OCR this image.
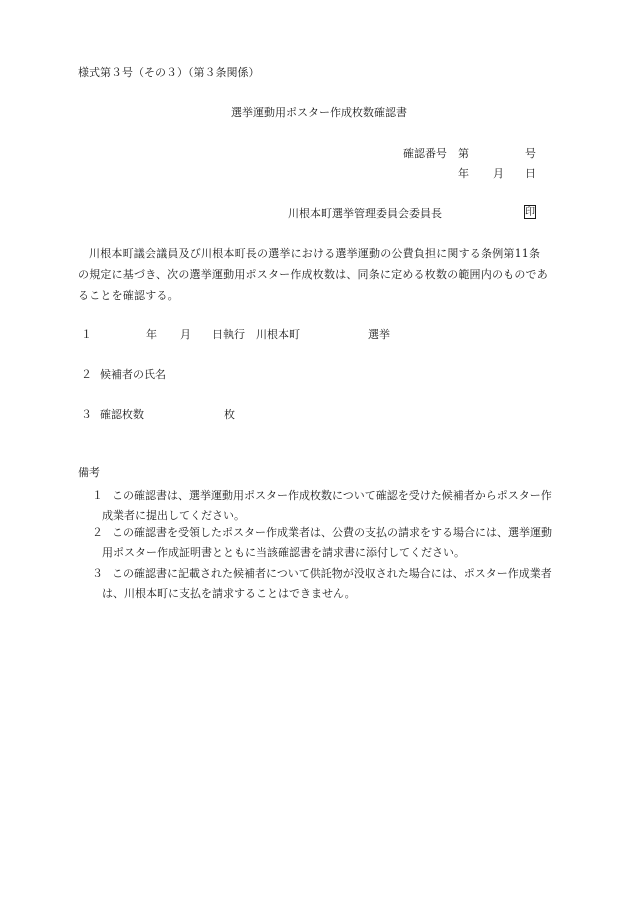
様式第３号（その３）（第３条関係）
選挙運動用ポスター作成枚数確認書
確認番号 第	号
年 月 日
川根本町選挙管理委員会委員長	印
川根本町議会議員及び川根本町長の選挙における選挙運動の公費負担に関する条例第11条の規定に基づき、次の選挙運動用ポスター作成枚数は、同条に定める枚数の範囲内のものであることを確認する。
１	年 月 日執行 川根本町	選挙
２ 候補者の氏名
３ 確認枚数	枚
備考
１ この確認書は、選挙運動用ポスター作成枚数について確認を受けた候補者からポスター作成業者に提出してください。
２ この確認書を受領したポスター作成業者は、公費の支払の請求をする場合には、選挙運動用ポスター作成証明書とともに当該確認書を請求書に添付してください。
３ この確認書に記載された候補者について供託物が没収された場合には、ポスター作成業者は、川根本町に支払を請求することはできません。
